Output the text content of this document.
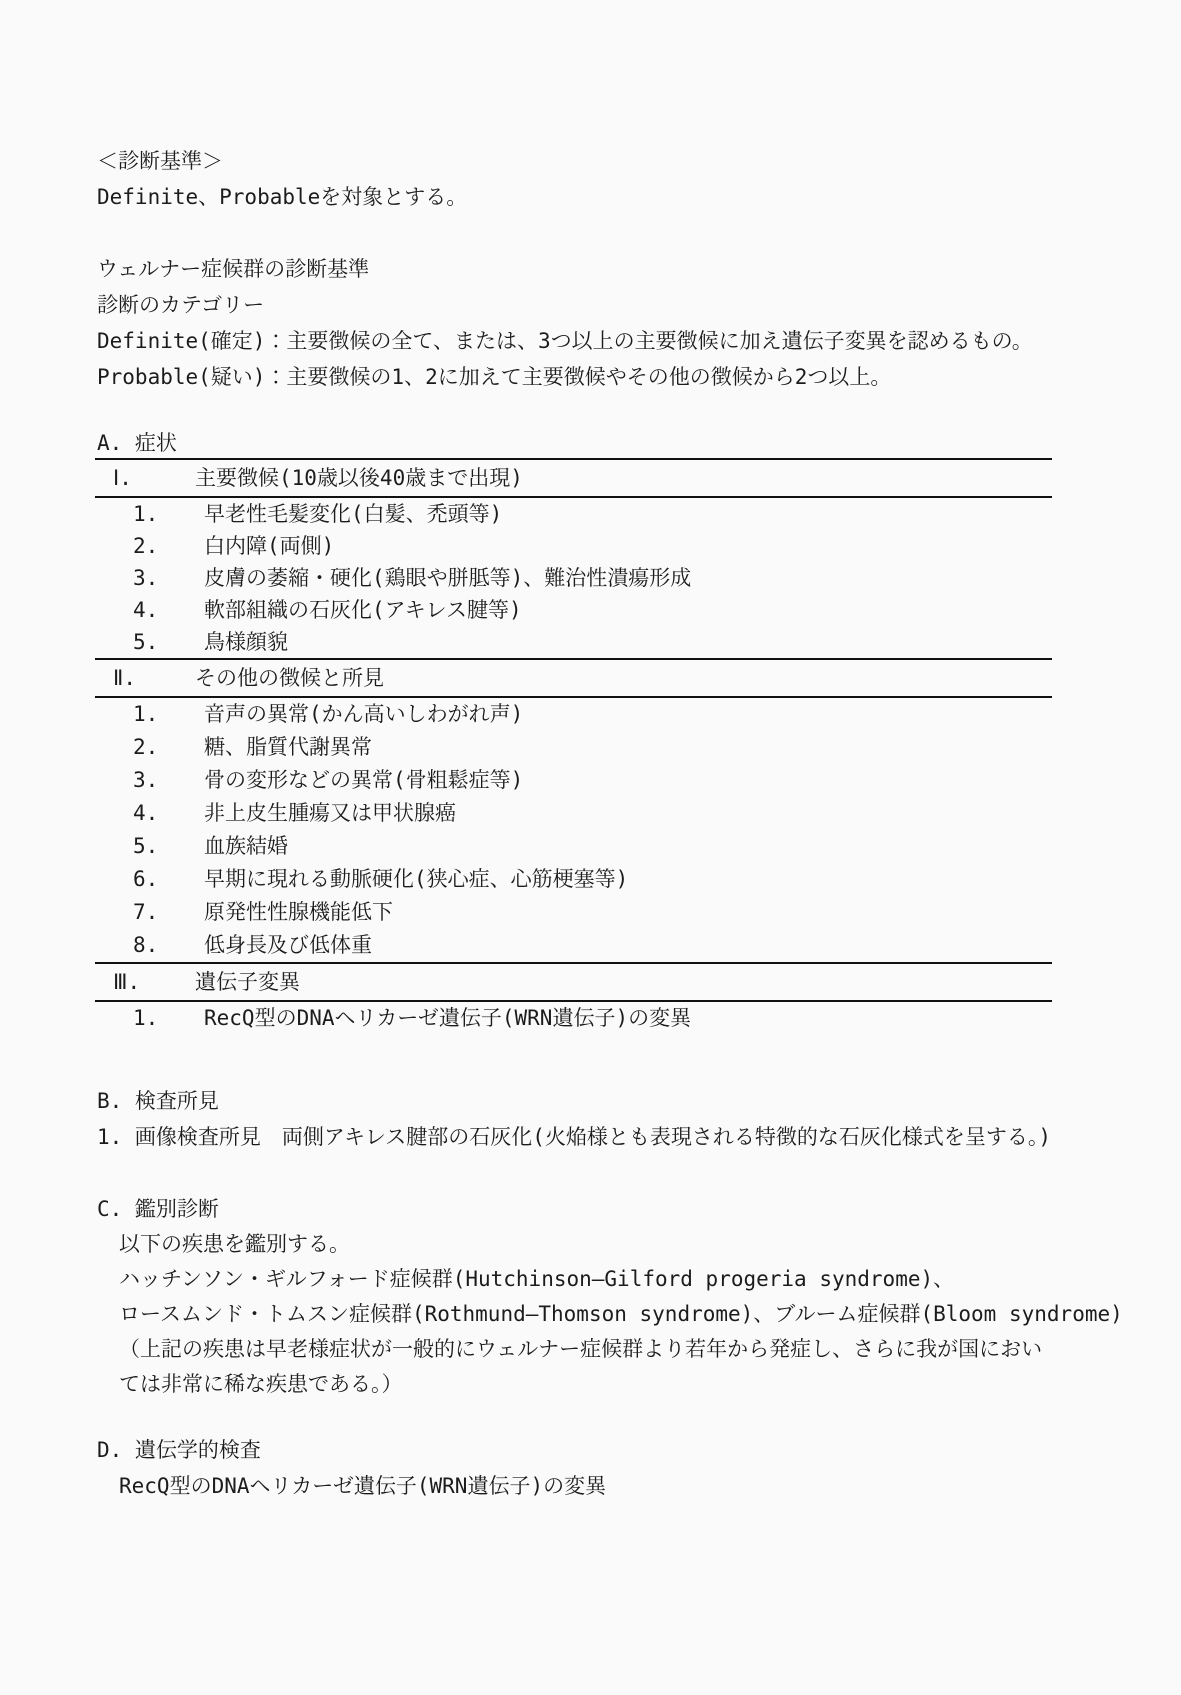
＜診断基準＞
Definite、Probableを対象とする。
ウェルナー症候群の診断基準
診断のカテゴリー
Definite(確定)：主要徴候の全て、または、3つ以上の主要徴候に加え遺伝子変異を認めるもの。
Probable(疑い)：主要徴候の1、2に加えて主要徴候やその他の徴候から2つ以上。
A. 症状
Ⅰ.	主要徴候(10歳以後40歳まで出現)
1. 早老性毛髪変化(白髪、禿頭等)
2. 白内障(両側)
3. 皮膚の萎縮・硬化(鶏眼や胼胝等)、難治性潰瘍形成
4. 軟部組織の石灰化(アキレス腱等)
5. 鳥様顔貌
Ⅱ.	その他の徴候と所見
1. 音声の異常(かん高いしわがれ声)
2. 糖、脂質代謝異常
3. 骨の変形などの異常(骨粗鬆症等)
4. 非上皮生腫瘍又は甲状腺癌
5. 血族結婚
6. 早期に現れる動脈硬化(狭心症、心筋梗塞等)
7. 原発性性腺機能低下
8. 低身長及び低体重
Ⅲ.	遺伝子変異
1. RecQ型のDNAヘリカーゼ遺伝子(WRN遺伝子)の変異
B. 検査所見
1. 画像検査所見　両側アキレス腱部の石灰化(火焔様とも表現される特徴的な石灰化様式を呈する。)
C. 鑑別診断
以下の疾患を鑑別する。
ハッチンソン・ギルフォード症候群(Hutchinson—Gilford progeria syndrome)、
ロースムンド・トムスン症候群(Rothmund—Thomson syndrome)、ブルーム症候群(Bloom syndrome)
（上記の疾患は早老様症状が一般的にウェルナー症候群より若年から発症し、さらに我が国におい
ては非常に稀な疾患である。）
D. 遺伝学的検査
RecQ型のDNAヘリカーゼ遺伝子(WRN遺伝子)の変異
